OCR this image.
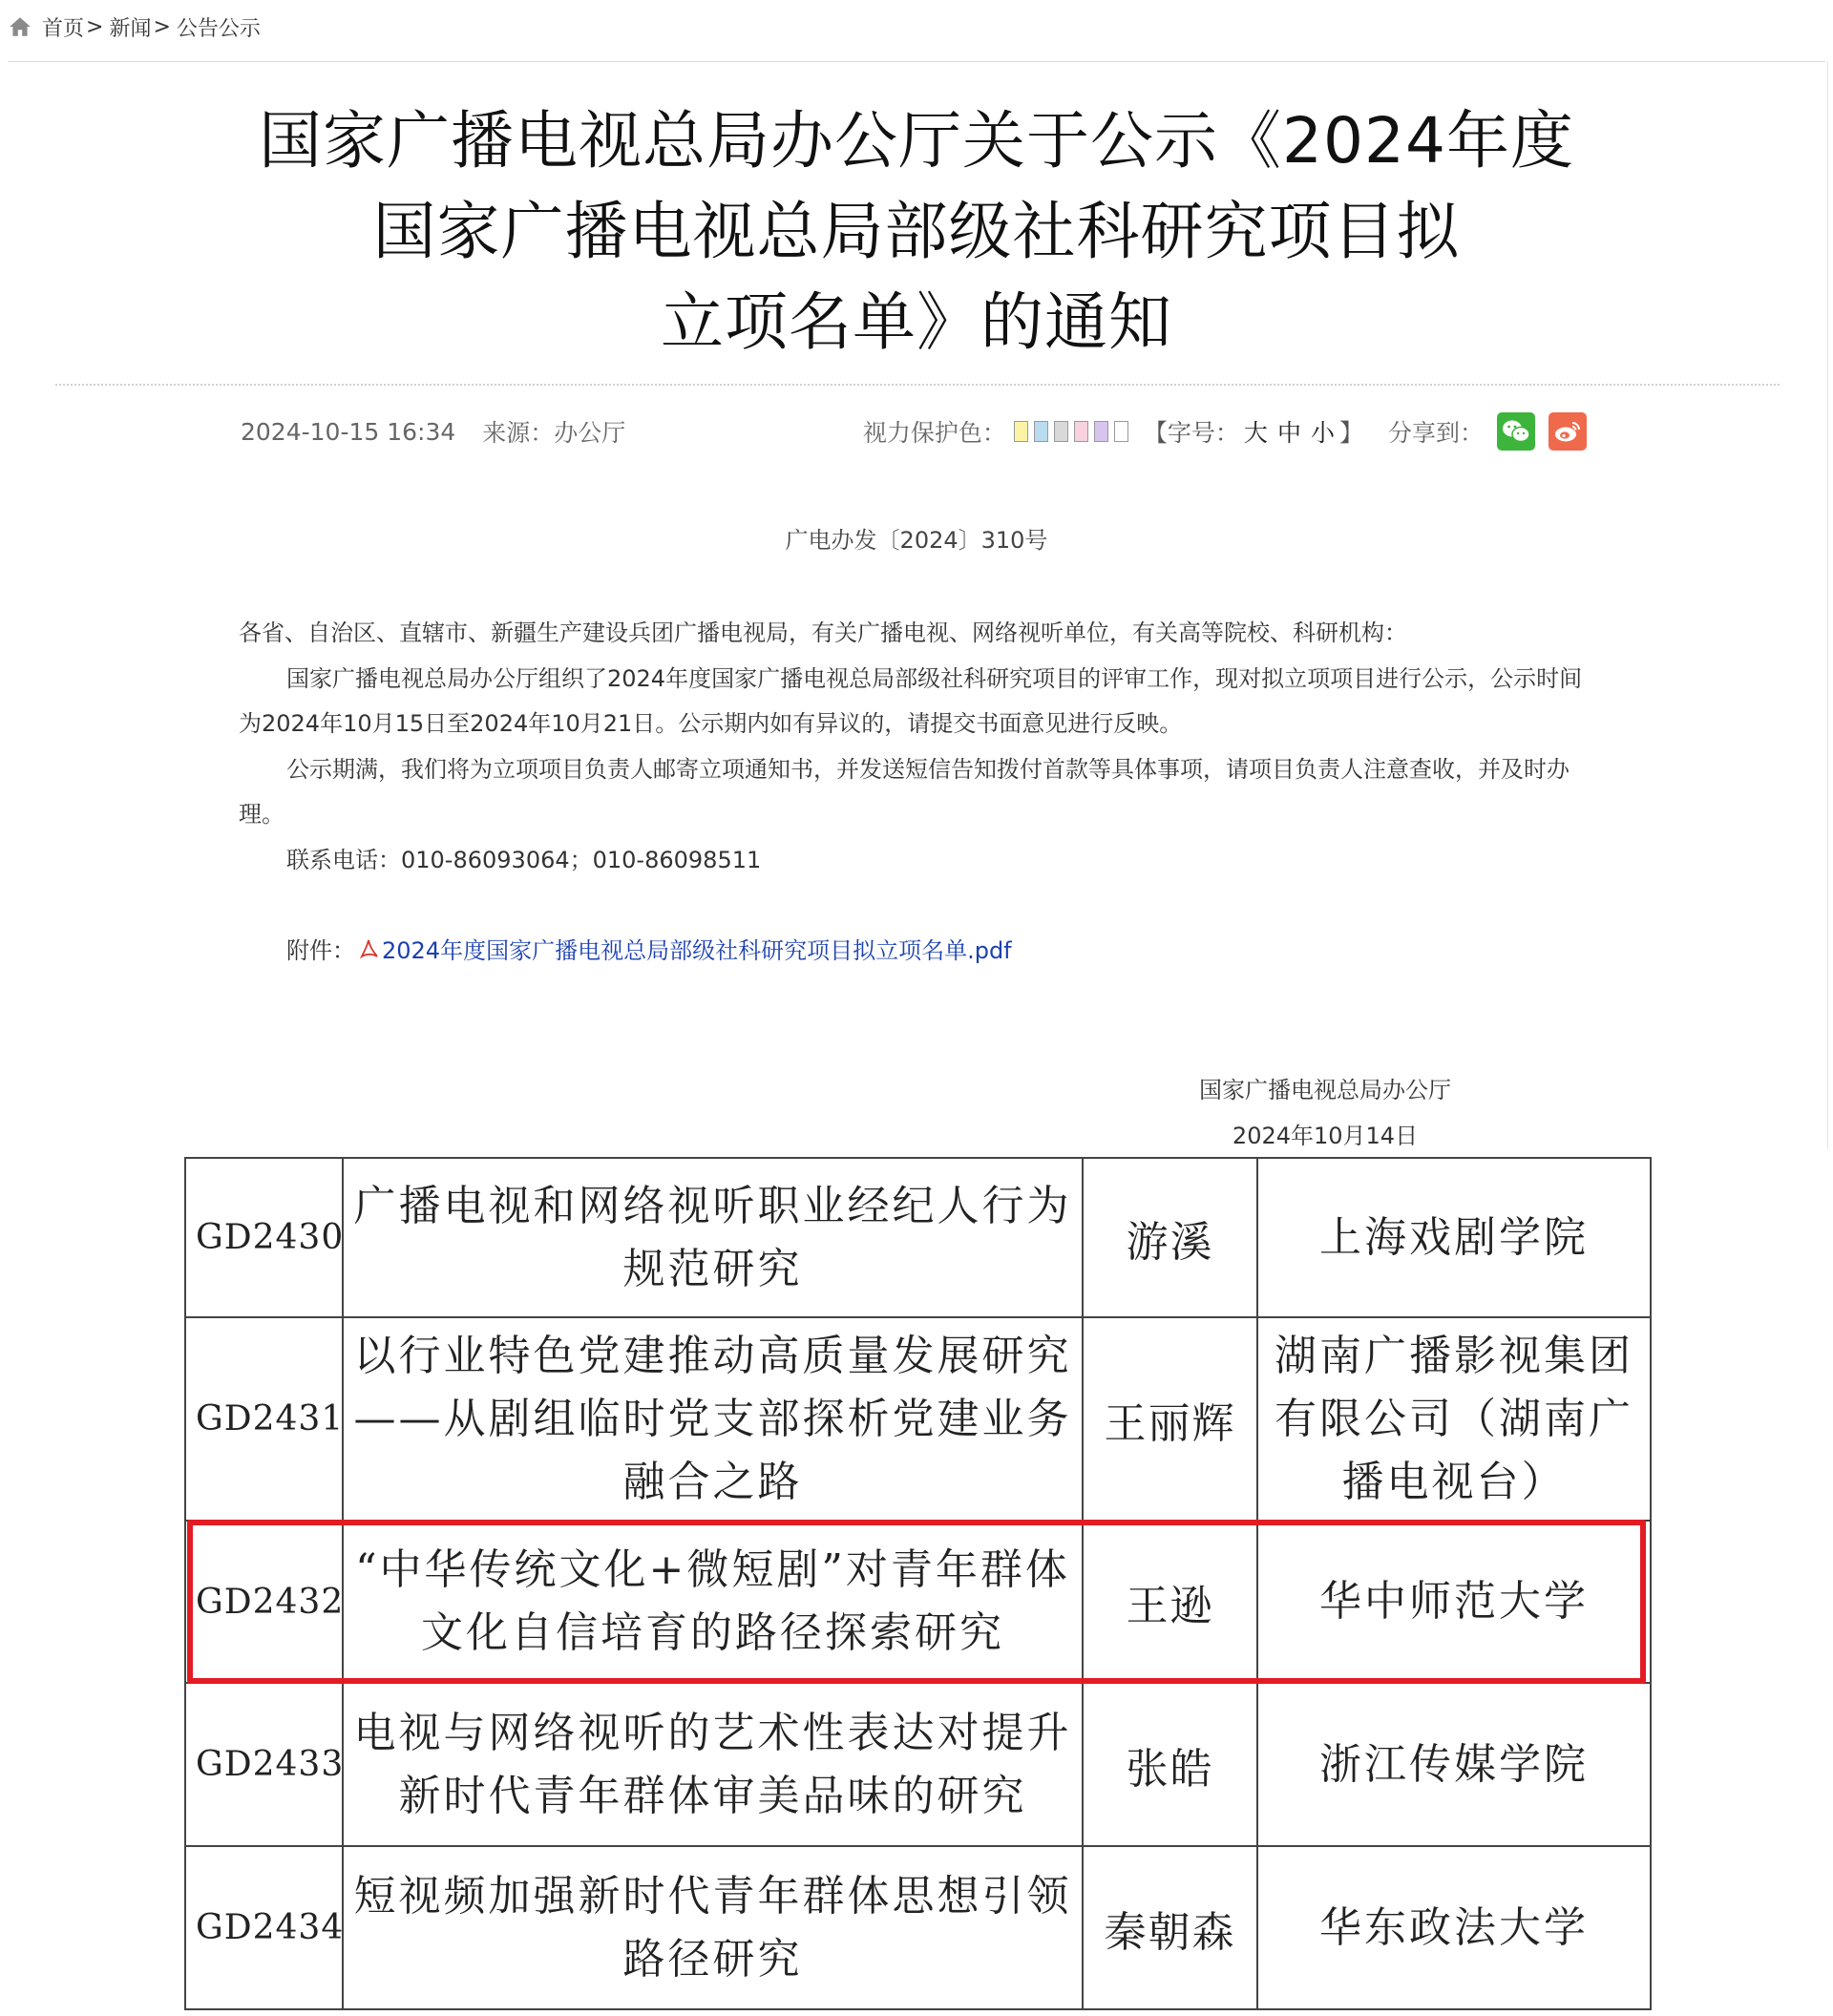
首页 > 新闻 > 公告公示
国家广播电视总局办公厅关于公示《2024年度
国家广播电视总局部级社科研究项目拟
立项名单》的通知
2024-10-15 16:34 来源：办公厅	视力保护色：	【字号： 大 中 小 】 分享到：
广电办发〔2024〕310号

各省、自治区、直辖市、新疆生产建设兵团广播电视局，有关广播电视、网络视听单位，有关高等院校、科研机构：

国家广播电视总局办公厅组织了2024年度国家广播电视总局部级社科研究项目的评审工作，现对拟立项项目进行公示，公示时间为2024年10月15日至2024年10月21日。公示期内如有异议的，请提交书面意见进行反映。

公示期满，我们将为立项项目负责人邮寄立项通知书，并发送短信告知拨付首款等具体事项，请项目负责人注意查收，并及时办理。

联系电话：010-86093064；010-86098511

附件： 2024年度国家广播电视总局部级社科研究项目拟立项名单.pdf
国家广播电视总局办公厅
2024年10月14日
GD2430	广播电视和网络视听职业经纪人行为规范研究	游溪	上海戏剧学院
GD2431	以行业特色党建推动高质量发展研究——从剧组临时党支部探析党建业务融合之路	王丽辉	湖南广播影视集团有限公司（湖南广播电视台）
GD2432	“中华传统文化+微短剧”对青年群体文化自信培育的路径探索研究	王逊	华中师范大学
GD2433	电视与网络视听的艺术性表达对提升新时代青年群体审美品味的研究	张皓	浙江传媒学院
GD2434	短视频加强新时代青年群体思想引领路径研究	秦朝森	华东政法大学
